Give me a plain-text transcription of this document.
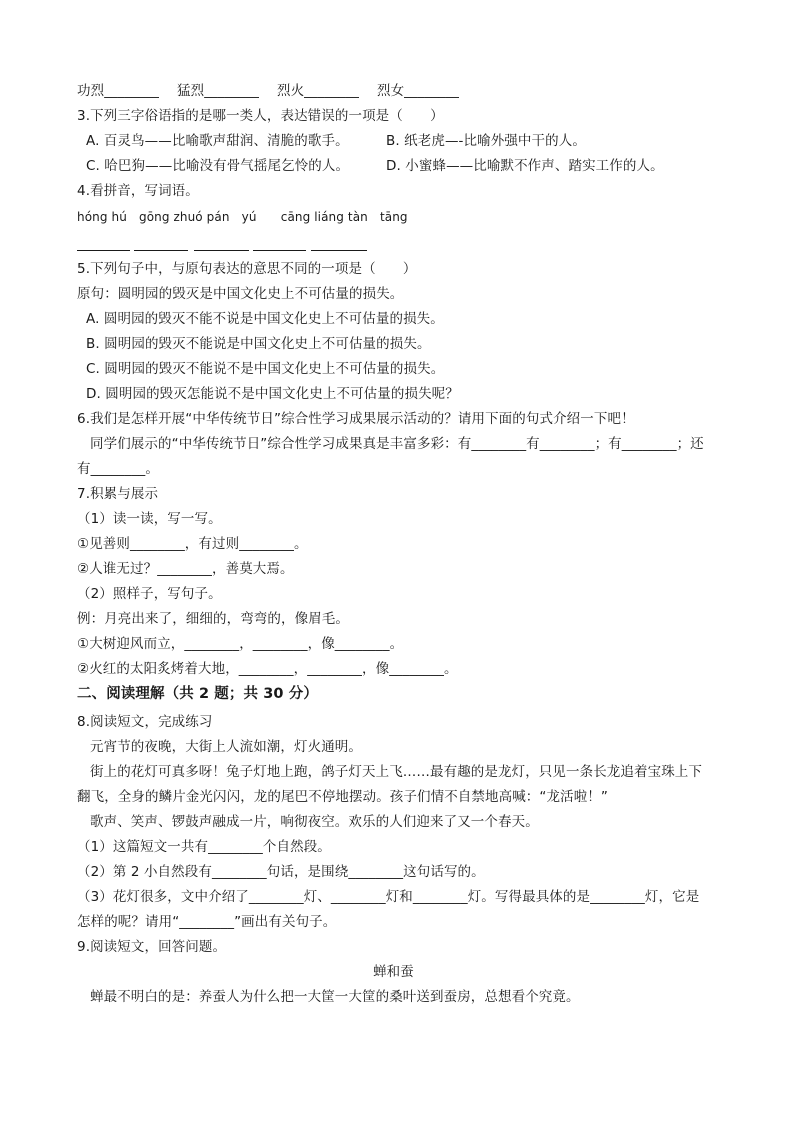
功烈________　 猛烈________ 　烈火________ 　烈女________
3.下列三字俗语指的是哪一类人，表达错误的一项是（　　）
A. 百灵鸟——比喻歌声甜润、清脆的歌手。	B. 纸老虎—-比喻外强中干的人。
C. 哈巴狗——比喻没有骨气摇尾乞怜的人。	D. 小蜜蜂——比喻默不作声、踏实工作的人。
4.看拼音，写词语。
hóng hú　gōng zhuó pán　yú　　cāng liáng tàn　tāng
5.下列句子中，与原句表达的意思不同的一项是（　　）
原句：圆明园的毁灭是中国文化史上不可估量的损失。
A. 圆明园的毁灭不能不说是中国文化史上不可估量的损失。
B. 圆明园的毁灭不能说是中国文化史上不可估量的损失。
C. 圆明园的毁灭不能说不是中国文化史上不可估量的损失。
D. 圆明园的毁灭怎能说不是中国文化史上不可估量的损失呢？
6.我们是怎样开展“中华传统节日”综合性学习成果展示活动的？请用下面的句式介绍一下吧！
同学们展示的“中华传统节日”综合性学习成果真是丰富多彩：有________有________；有________；还
有________。
7.积累与展示
（1）读一读，写一写。
①见善则________，有过则________。
②人谁无过？________，善莫大焉。
（2）照样子，写句子。
例：月亮出来了，细细的，弯弯的，像眉毛。
①大树迎风而立，________，________，像________。
②火红的太阳炙烤着大地，________，________，像________。
二、阅读理解（共 2 题；共 30 分）
8.阅读短文，完成练习
元宵节的夜晚，大街上人流如潮，灯火通明。
街上的花灯可真多呀！兔子灯地上跑，鸽子灯天上飞……最有趣的是龙灯，只见一条长龙追着宝珠上下
翻飞，全身的鳞片金光闪闪，龙的尾巴不停地摆动。孩子们情不自禁地高喊：“龙活啦！”
歌声、笑声、锣鼓声融成一片，响彻夜空。欢乐的人们迎来了又一个春天。
（1）这篇短文一共有________个自然段。
（2）第 2 小自然段有________句话，是围绕________这句话写的。
（3）花灯很多，文中介绍了________灯、________灯和________灯。写得最具体的是________灯，它是
怎样的呢？请用“________”画出有关句子。
9.阅读短文，回答问题。
蝉和蚕
蝉最不明白的是：养蚕人为什么把一大筐一大筐的桑叶送到蚕房，总想看个究竟。
